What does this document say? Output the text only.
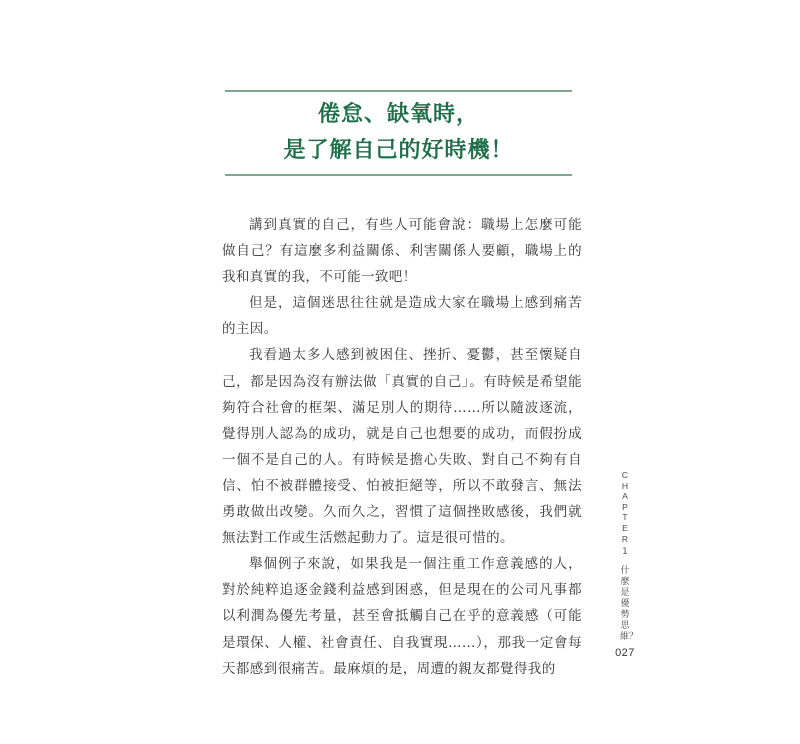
倦怠、缺氧時，
是了解自己的好時機！

講到真實的自己，有些人可能會說：職場上怎麼可能做自己？有這麼多利益關係、利害關係人要顧，職場上的我和真實的我，不可能一致吧！

但是，這個迷思往往就是造成大家在職場上感到痛苦的主因。

我看過太多人感到被困住、挫折、憂鬱，甚至懷疑自己，都是因為沒有辦法做「真實的自己」。有時候是希望能夠符合社會的框架、滿足別人的期待……所以隨波逐流，覺得別人認為的成功，就是自己也想要的成功，而假扮成一個不是自己的人。有時候是擔心失敗、對自己不夠有自信、怕不被群體接受、怕被拒絕等，所以不敢發言、無法勇敢做出改變。久而久之，習慣了這個挫敗感後，我們就無法對工作或生活燃起動力了。這是很可惜的。

舉個例子來說，如果我是一個注重工作意義感的人，對於純粹追逐金錢利益感到困惑，但是現在的公司凡事都以利潤為優先考量，甚至會抵觸自己在乎的意義感（可能是環保、人權、社會責任、自我實現……），那我一定會每天都感到很痛苦。最麻煩的是，周遭的親友都覺得我的

CHAPTER
1
什麼是優勢思維？
027
